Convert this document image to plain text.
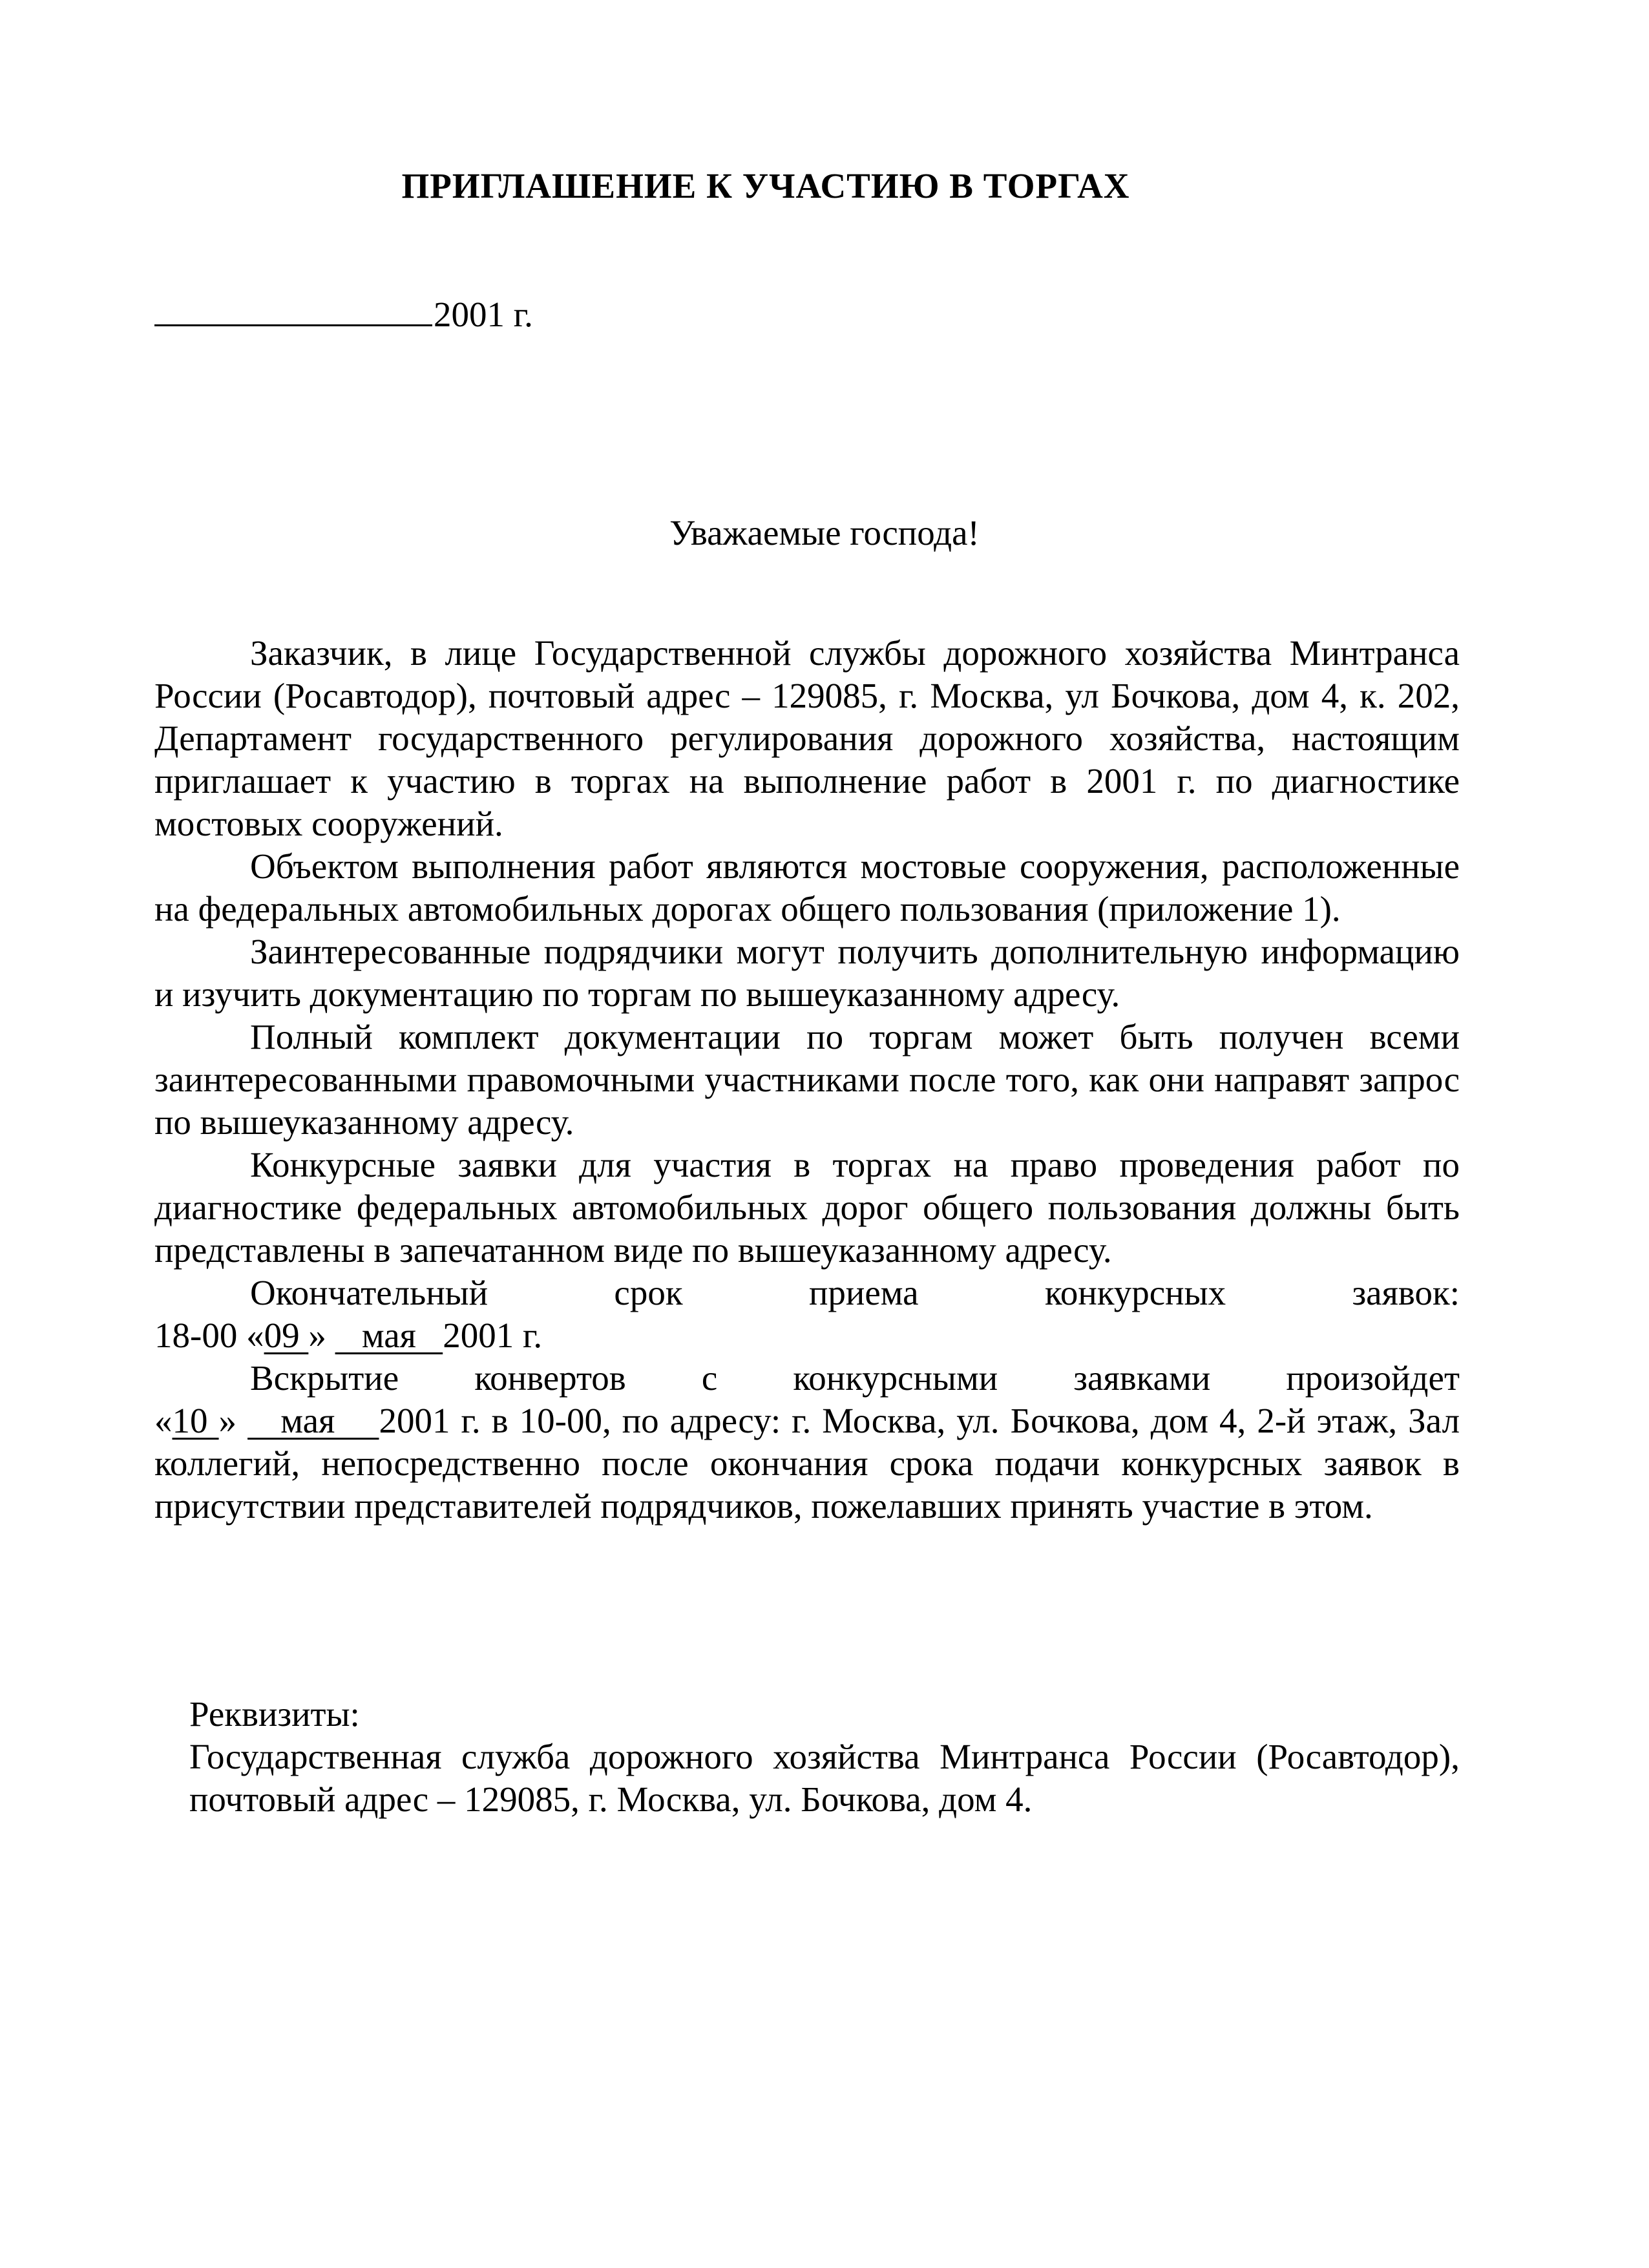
ПРИГЛАШЕНИЕ К УЧАСТИЮ В ТОРГАХ
2001 г.

Уважаемые господа!

Заказчик, в лице Государственной службы дорожного хозяйства Минтранса России (Росавтодор), почтовый адрес – 129085, г. Москва, ул Бочкова, дом 4, к. 202, Департамент государственного регулирования дорожного хозяйства, настоящим приглашает к участию в торгах на выполнение работ в 2001 г. по диагностике мостовых сооружений.

Объектом выполнения работ являются мостовые сооружения, расположенные на федеральных автомобильных дорогах общего пользования (приложение 1).

Заинтересованные подрядчики могут получить дополнительную информацию и изучить документацию по торгам по вышеуказанному адресу.

Полный комплект документации по торгам может быть получен всеми заинтересованными правомочными участниками после того, как они направят запрос по вышеуказанному адресу.

Конкурсные заявки для участия в торгах на право проведения работ по диагностике федеральных автомобильных дорог общего пользования должны быть представлены в запечатанном виде по вышеуказанному адресу.

Окончательный срок приема конкурсных заявок:

18-00 «09 »    мая   2001 г.

Вскрытие конвертов с конкурсными заявками произойдет

«10 »    мая    2001 г. в 10-00, по адресу: г. Москва, ул. Бочкова, дом 4, 2-й этаж, Зал коллегий, непосредственно после окончания срока подачи конкурсных заявок в присутствии представителей подрядчиков, пожелавших принять участие в этом.

Реквизиты:

Государственная служба дорожного хозяйства Минтранса России (Росавтодор), почтовый адрес – 129085, г. Москва, ул. Бочкова, дом 4.
